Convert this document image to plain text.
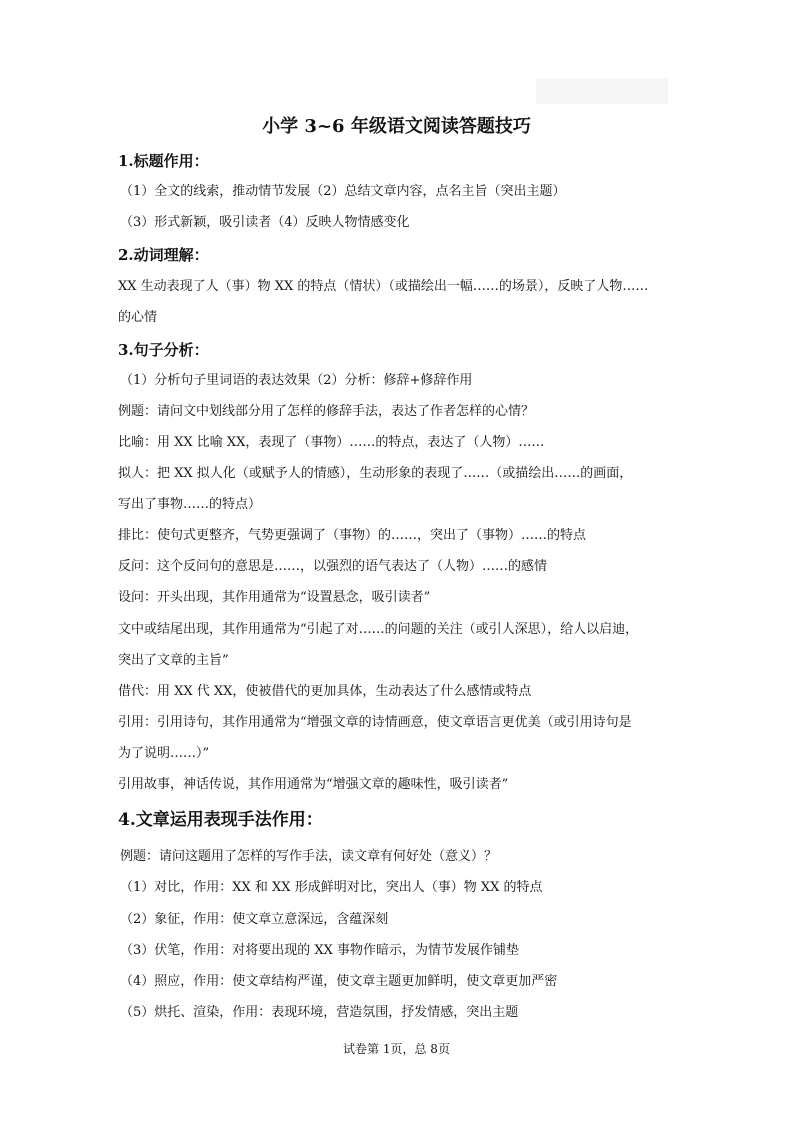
小学 3~6 年级语文阅读答题技巧
1.标题作用：
（1）全文的线索，推动情节发展（2）总结文章内容，点名主旨（突出主题）
（3）形式新颖，吸引读者（4）反映人物情感变化
2.动词理解：
XX 生动表现了人（事）物 XX 的特点（情状）（或描绘出一幅……的场景），反映了人物……
的心情
3.句子分析：
（1）分析句子里词语的表达效果（2）分析：修辞+修辞作用
例题：请问文中划线部分用了怎样的修辞手法，表达了作者怎样的心情？
比喻：用 XX 比喻 XX，表现了（事物）……的特点，表达了（人物）……
拟人：把 XX 拟人化（或赋予人的情感），生动形象的表现了……（或描绘出……的画面，
写出了事物……的特点）
排比：使句式更整齐，气势更强调了（事物）的……，突出了（事物）……的特点
反问：这个反问句的意思是……，以强烈的语气表达了（人物）……的感情
设问：开头出现，其作用通常为“设置悬念，吸引读者”
文中或结尾出现，其作用通常为“引起了对……的问题的关注（或引人深思），给人以启迪，
突出了文章的主旨”
借代：用 XX 代 XX，使被借代的更加具体，生动表达了什么感情或特点
引用：引用诗句，其作用通常为“增强文章的诗情画意，使文章语言更优美（或引用诗句是
为了说明……）”
引用故事，神话传说，其作用通常为“增强文章的趣味性，吸引读者”
4.文章运用表现手法作用：
例题：请问这题用了怎样的写作手法，读文章有何好处（意义）？
（1）对比，作用：XX 和 XX 形成鲜明对比，突出人（事）物 XX 的特点
（2）象征，作用：使文章立意深远，含蕴深刻
（3）伏笔，作用：对将要出现的 XX 事物作暗示，为情节发展作铺垫
（4）照应，作用：使文章结构严谨，使文章主题更加鲜明，使文章更加严密
（5）烘托、渲染，作用：表现环境，营造氛围，抒发情感，突出主题
试卷第 1页，总 8页
